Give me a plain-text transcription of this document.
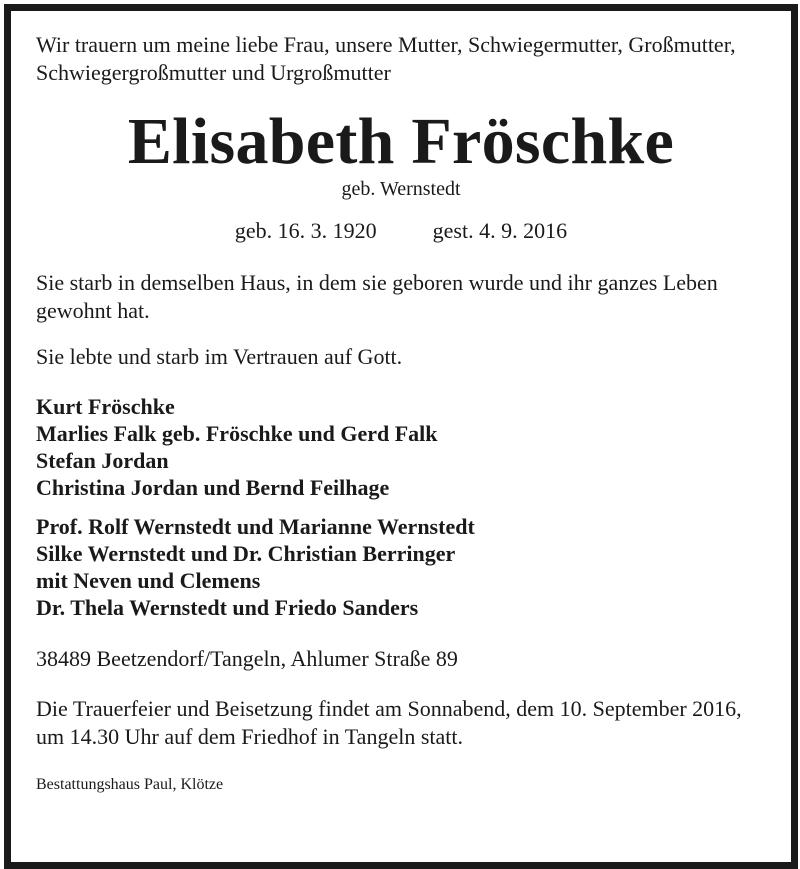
Wir trauern um meine liebe Frau, unsere Mutter, Schwiegermutter, Großmutter, Schwiegergroßmutter und Urgroßmutter

Elisabeth Fröschke

geb. Wernstedt

geb. 16. 3. 1920	gest. 4. 9. 2016

Sie starb in demselben Haus, in dem sie geboren wurde und ihr ganzes Leben gewohnt hat.

Sie lebte und starb im Vertrauen auf Gott.

Kurt Fröschke
Marlies Falk geb. Fröschke und Gerd Falk
Stefan Jordan
Christina Jordan und Bernd Feilhage
Prof. Rolf Wernstedt und Marianne Wernstedt
Silke Wernstedt und Dr. Christian Berringer
mit Neven und Clemens
Dr. Thela Wernstedt und Friedo Sanders

38489 Beetzendorf/Tangeln, Ahlumer Straße 89

Die Trauerfeier und Beisetzung findet am Sonnabend, dem 10. September 2016, um 14.30 Uhr auf dem Friedhof in Tangeln statt.

Bestattungshaus Paul, Klötze
